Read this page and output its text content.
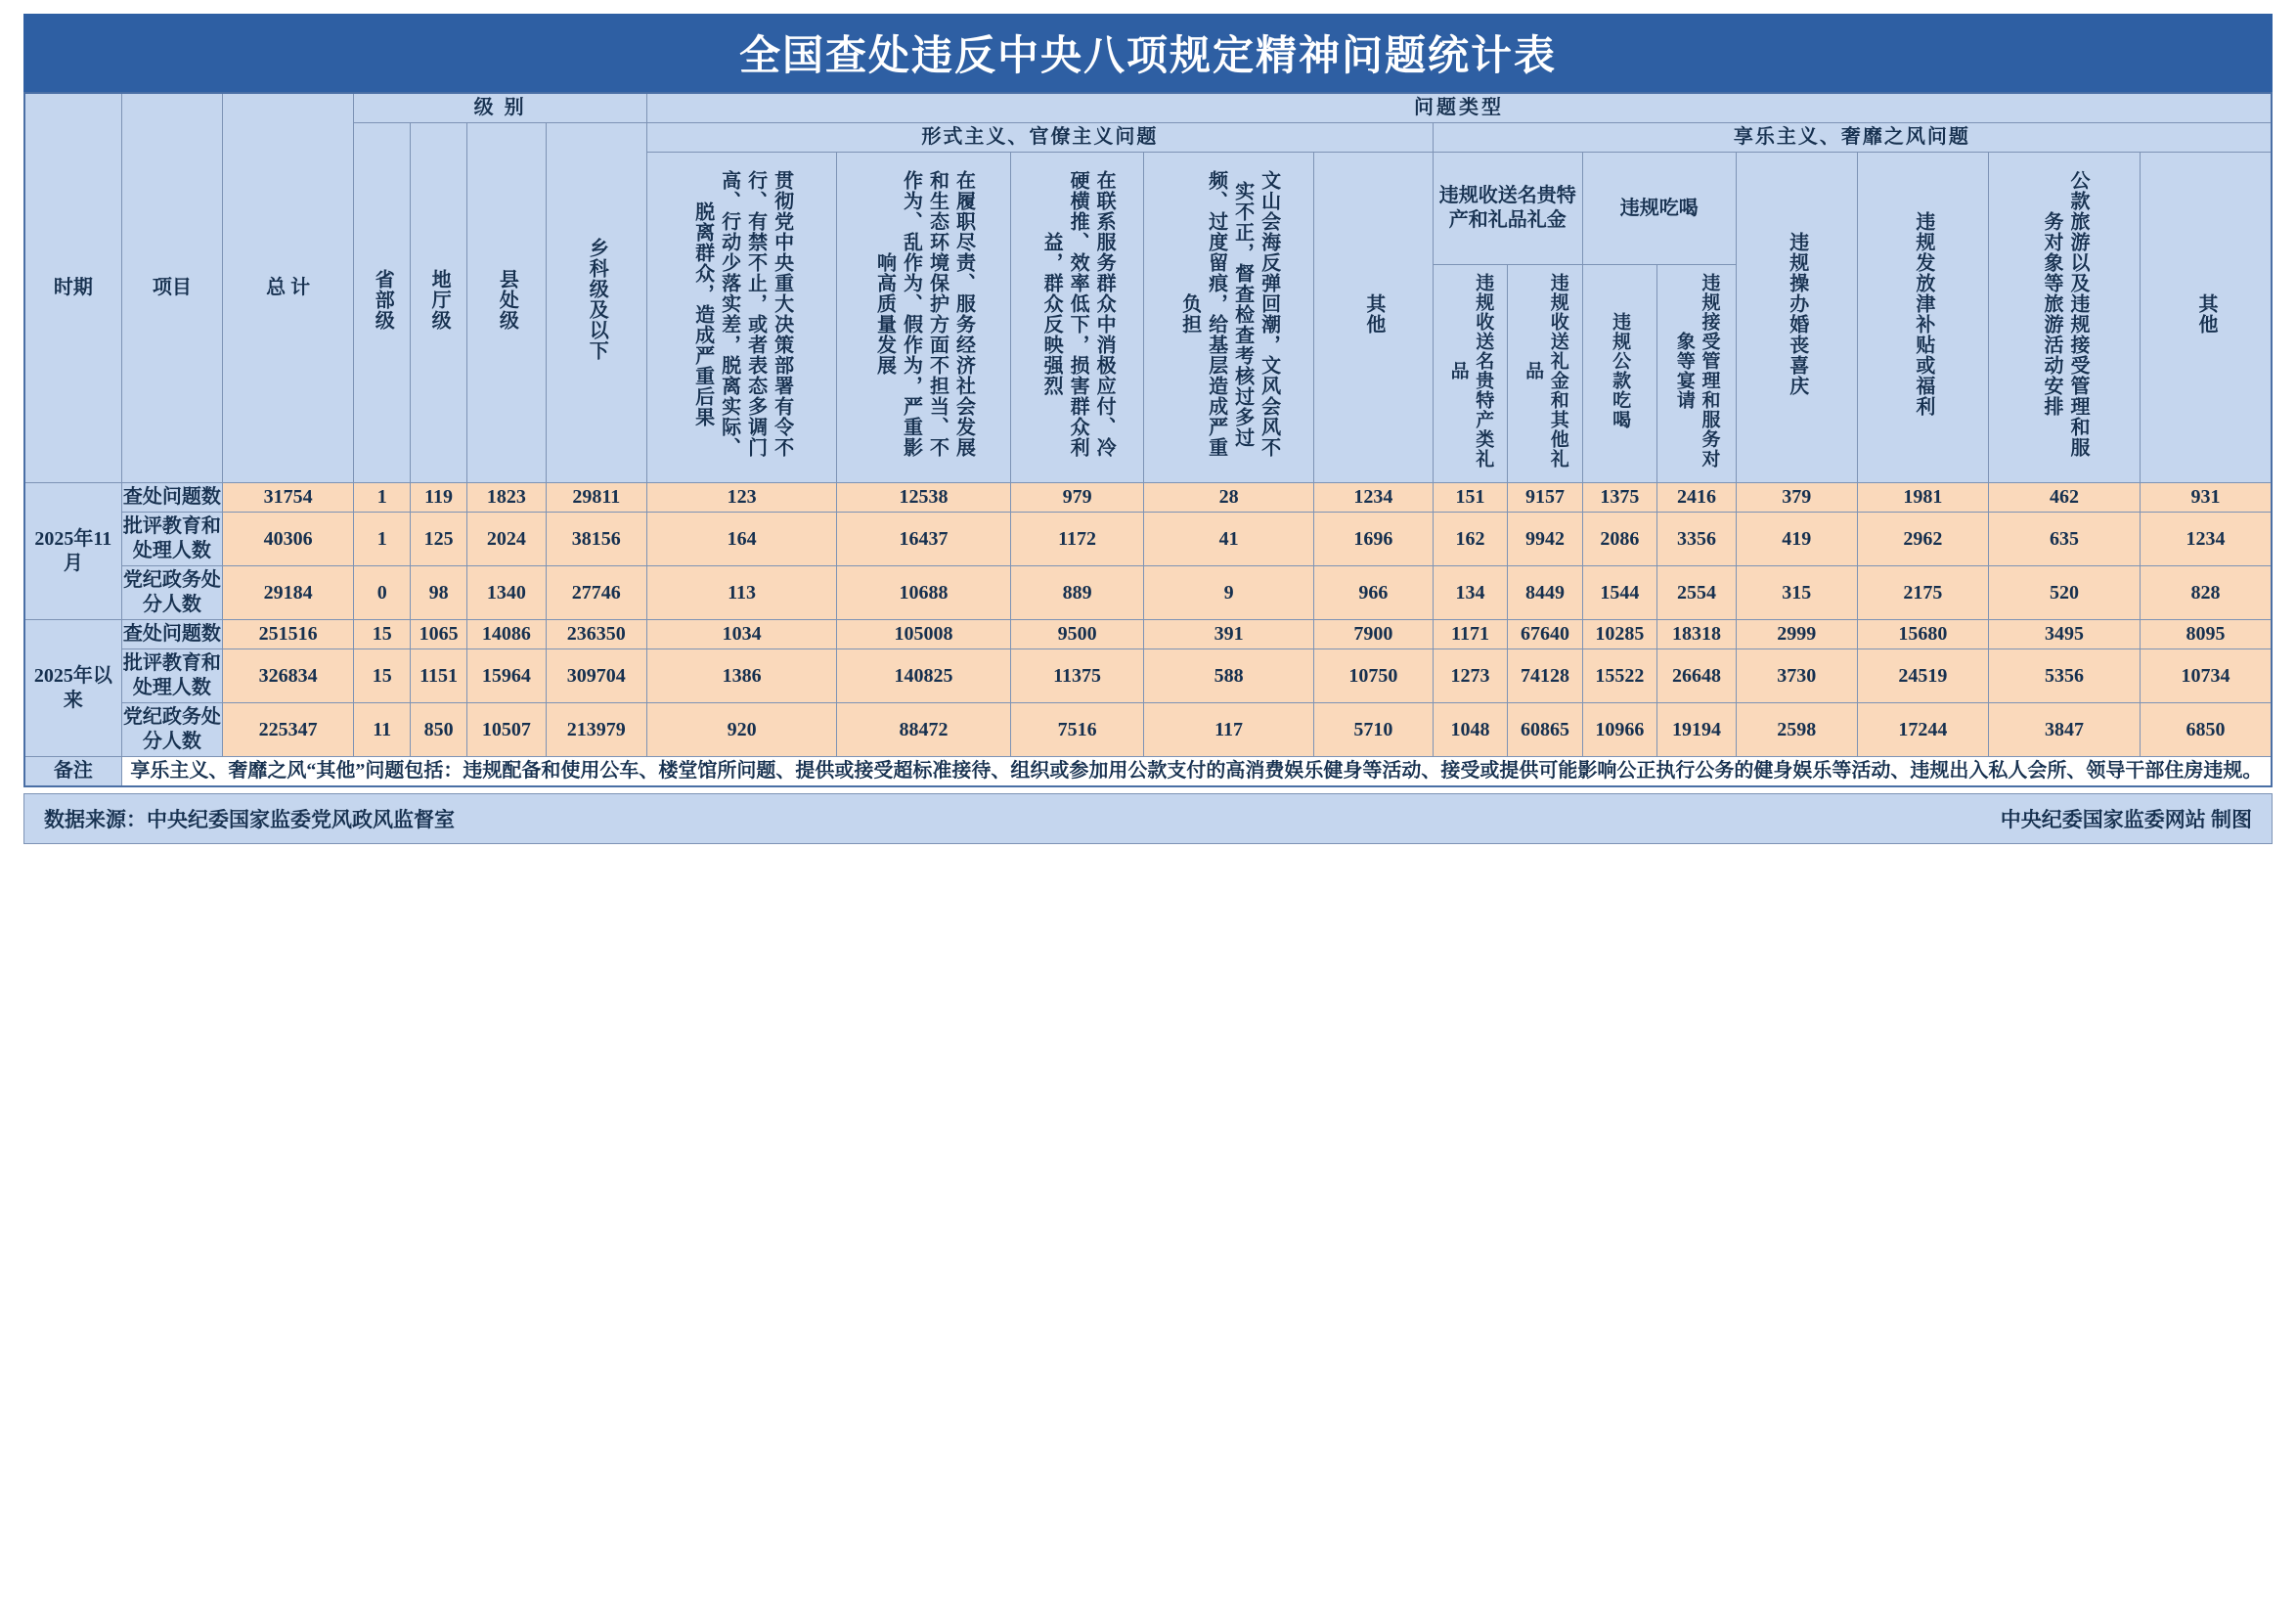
全国查处违反中央八项规定精神问题统计表
时期	项目	总 计	级 别	问题类型
省部级	地厅级	县处级	乡科级及以下	形式主义、官僚主义问题	享乐主义、奢靡之风问题
贯彻党中央重大决策部署有令不行、有禁不止，或者表态多调门高、行动少落实差，脱离实际、脱离群众，造成严重后果	在履职尽责、服务经济社会发展和生态环境保护方面不担当、不作为、乱作为、假作为，严重影响高质量发展	在联系服务群众中消极应付、冷硬横推、效率低下，损害群众利益，群众反映强烈	文山会海反弹回潮，文风会风不实不正，督查检查考核过多过频、过度留痕，给基层造成严重负担	其他	
违规收送名贵特产和礼品礼金	违规吃喝
违规收送名贵特产类礼品	违规收送礼金和其他礼品	违规公款吃喝	违规接受管理和服务对象等宴请
		违规操办婚丧喜庆	违规发放津补贴或福利	公款旅游以及违规接受管理和服务对象等旅游活动安排	其他
2025年11月	查处问题数	31754	1	119	1823	29811	123	12538	979	28	1234	151	9157	1375	2416	379	1981	462	931
批评教育和处理人数	40306	1	125	2024	38156	164	16437	1172	41	1696	162	9942	2086	3356	419	2962	635	1234
党纪政务处分人数	29184	0	98	1340	27746	113	10688	889	9	966	134	8449	1544	2554	315	2175	520	828
2025年以来	查处问题数	251516	15	1065	14086	236350	1034	105008	9500	391	7900	1171	67640	10285	18318	2999	15680	3495	8095
批评教育和处理人数	326834	15	1151	15964	309704	1386	140825	11375	588	10750	1273	74128	15522	26648	3730	24519	5356	10734
党纪政务处分人数	225347	11	850	10507	213979	920	88472	7516	117	5710	1048	60865	10966	19194	2598	17244	3847	6850
备注	享乐主义、奢靡之风“其他”问题包括：违规配备和使用公车、楼堂馆所问题、提供或接受超标准接待、组织或参加用公款支付的高消费娱乐健身等活动、接受或提供可能影响公正执行公务的健身娱乐等活动、违规出入私人会所、领导干部住房违规。
数据来源：中央纪委国家监委党风政风监督室	中央纪委国家监委网站 制图
